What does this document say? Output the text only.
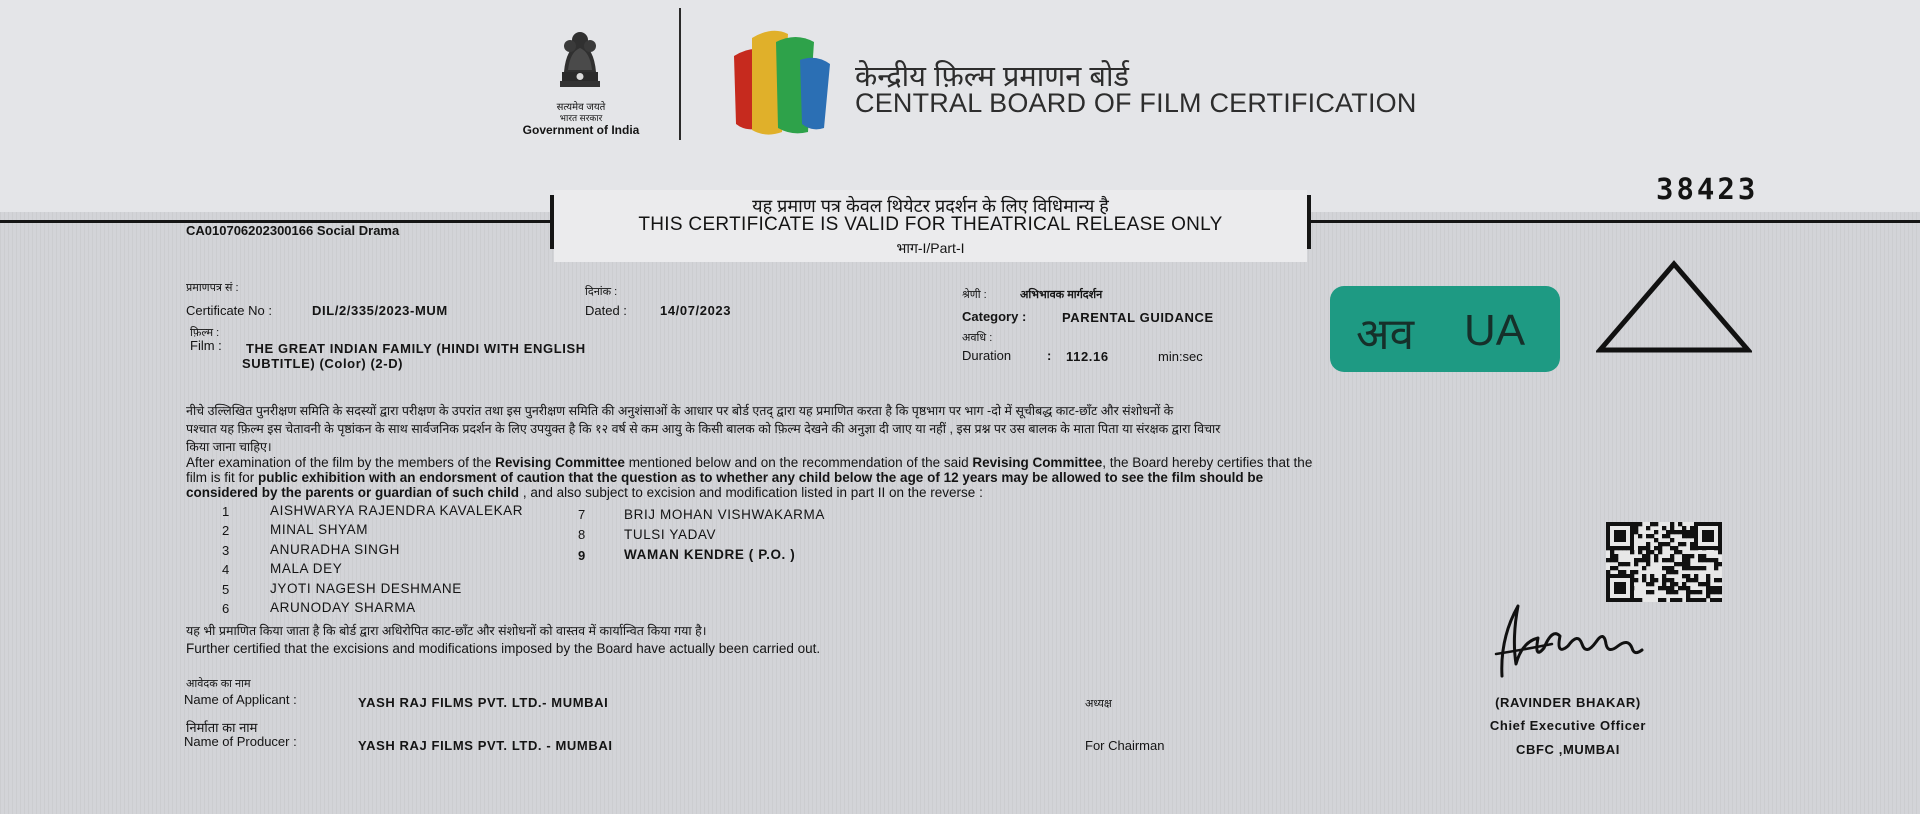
सत्यमेव जयते
भारत सरकार
Government of India
केन्द्रीय फ़िल्म प्रमाणन बोर्ड
CENTRAL BOARD OF FILM CERTIFICATION
38423
यह प्रमाण पत्र केवल थियेटर प्रदर्शन के लिए विधिमान्य है
THIS CERTIFICATE IS VALID FOR THEATRICAL RELEASE ONLY
भाग-I/Part-I
CA010706202300166 Social Drama
प्रमाणपत्र सं :
Certificate No :	DIL/2/335/2023-MUM
दिनांक :
Dated :	14/07/2023
श्रेणी :	अभिभावक मार्गदर्शन
Category :	PARENTAL GUIDANCE
फ़िल्म :
Film : THE GREAT INDIAN FAMILY (HINDI WITH ENGLISH
SUBTITLE) (Color) (2-D)
अवधि :
Duration	: 112.16	min:sec	अव UA
नीचे उल्लिखित पुनरीक्षण समिति के सदस्यों द्वारा परीक्षण के उपरांत तथा इस पुनरीक्षण समिति की अनुशंसाओं के आधार पर बोर्ड एतद् द्वारा यह प्रमाणित करता है कि पृष्ठभाग पर भाग -दो में सूचीबद्ध काट-छाँट और संशोधनों के
पश्चात यह फ़िल्म इस चेतावनी के पृष्ठांकन के साथ सार्वजनिक प्रदर्शन के लिए उपयुक्त है कि १२ वर्ष से कम आयु के किसी बालक को फ़िल्म देखने की अनुज्ञा दी जाए या नहीं , इस प्रश्न पर उस बालक के माता पिता या संरक्षक द्वारा विचार
किया जाना चाहिए।
After examination of the film by the members of the Revising Committee mentioned below and on the recommendation of the said Revising Committee, the Board hereby certifies that the
film is fit for public exhibition with an endorsment of caution that the question as to whether any child below the age of 12 years may be allowed to see the film should be
considered by the parents or guardian of such child , and also subject to excision and modification listed in part II on the reverse :
1	AISHWARYA RAJENDRA KAVALEKAR
2	MINAL SHYAM
3	ANURADHA SINGH
4	MALA DEY
5	JYOTI NAGESH DESHMANE
6	ARUNODAY SHARMA
7	BRIJ MOHAN VISHWAKARMA
8	TULSI YADAV
9	WAMAN KENDRE ( P.O. )
यह भी प्रमाणित किया जाता है कि बोर्ड द्वारा अधिरोपित काट-छाँट और संशोधनों को वास्तव में कार्यान्वित किया गया है।
Further certified that the excisions and modifications imposed by the Board have actually been carried out.
आवेदक का नाम
Name of Applicant :	YASH RAJ FILMS PVT. LTD.- MUMBAI
निर्माता का नाम
Name of Producer :	YASH RAJ FILMS PVT. LTD. - MUMBAI
अध्यक्ष
For Chairman
(RAVINDER BHAKAR)
Chief Executive Officer
CBFC ,MUMBAI
